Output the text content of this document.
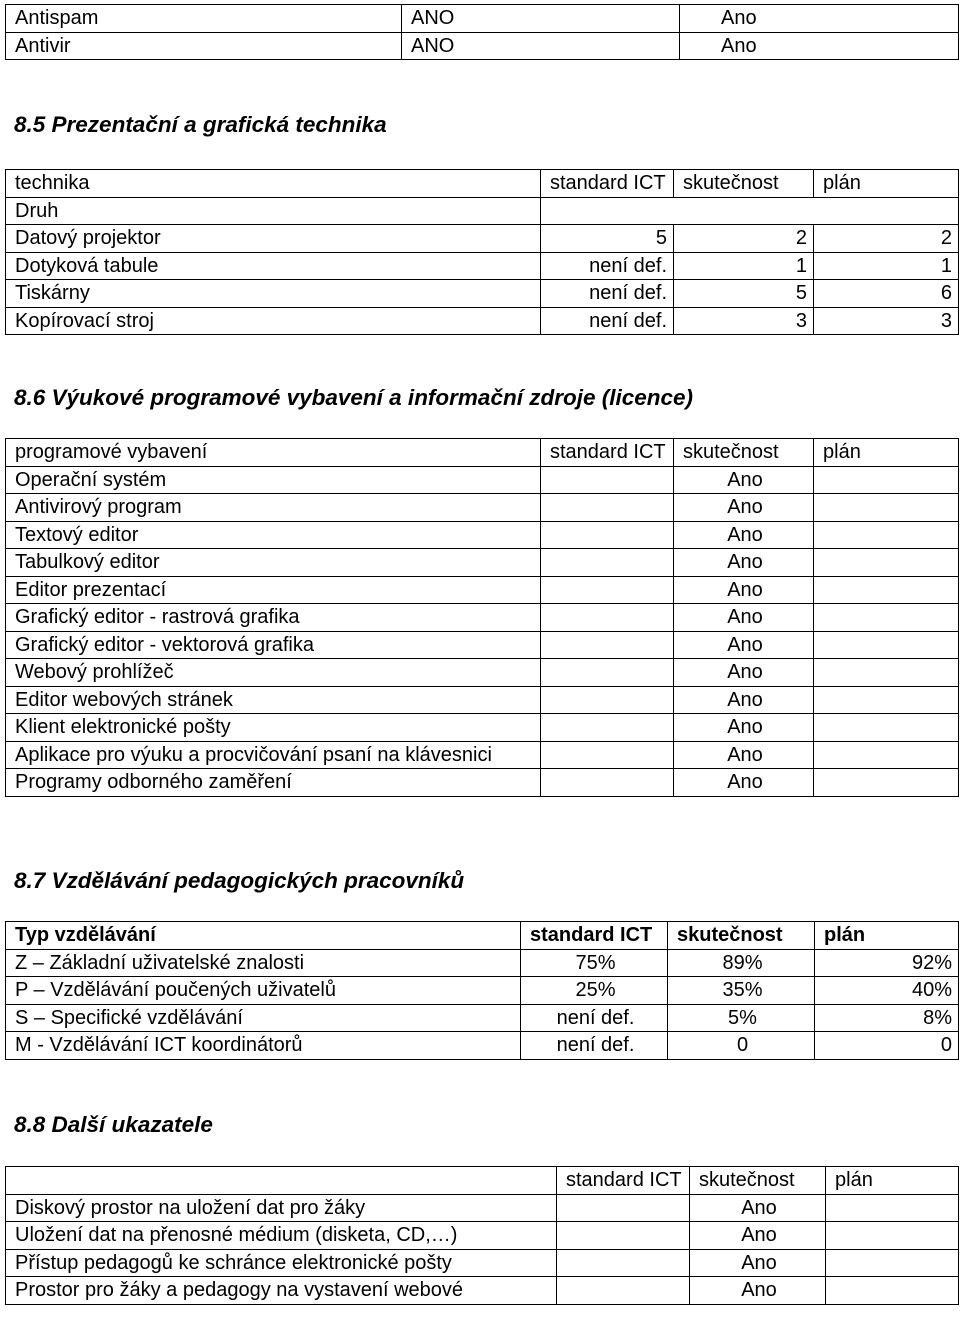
Antispam	ANO	Ano
Antivir	ANO	Ano
8.5 Prezentační a grafická technika
technika	standard ICT	skutečnost	plán
Druh			
Datový projektor	5	2	2
Dotyková tabule	není def.	1	1
Tiskárny	není def.	5	6
Kopírovací stroj	není def.	3	3
8.6 Výukové programové vybavení a informační zdroje (licence)
programové vybavení	standard ICT	skutečnost	plán
Operační systém		Ano	
Antivirový program		Ano	
Textový editor		Ano	
Tabulkový editor		Ano	
Editor prezentací		Ano	
Grafický editor - rastrová grafika		Ano	
Grafický editor - vektorová grafika		Ano	
Webový prohlížeč		Ano	
Editor webových stránek		Ano	
Klient elektronické pošty		Ano	
Aplikace pro výuku a procvičování psaní na klávesnici		Ano	
Programy odborného zaměření		Ano	
8.7 Vzdělávání pedagogických pracovníků
Typ vzdělávání	standard ICT	skutečnost	plán
Z – Základní uživatelské znalosti	75%	89%	92%
P – Vzdělávání poučených uživatelů	25%	35%	40%
S – Specifické vzdělávání	není def.	5%	8%
M - Vzdělávání ICT koordinátorů	není def.	0	0
8.8 Další ukazatele
	standard ICT	skutečnost	plán
Diskový prostor na uložení dat pro žáky		Ano	
Uložení dat na přenosné médium (disketa, CD,…)		Ano	
Přístup pedagogů ke schránce elektronické pošty		Ano	
Prostor pro žáky a pedagogy na vystavení webové		Ano	
